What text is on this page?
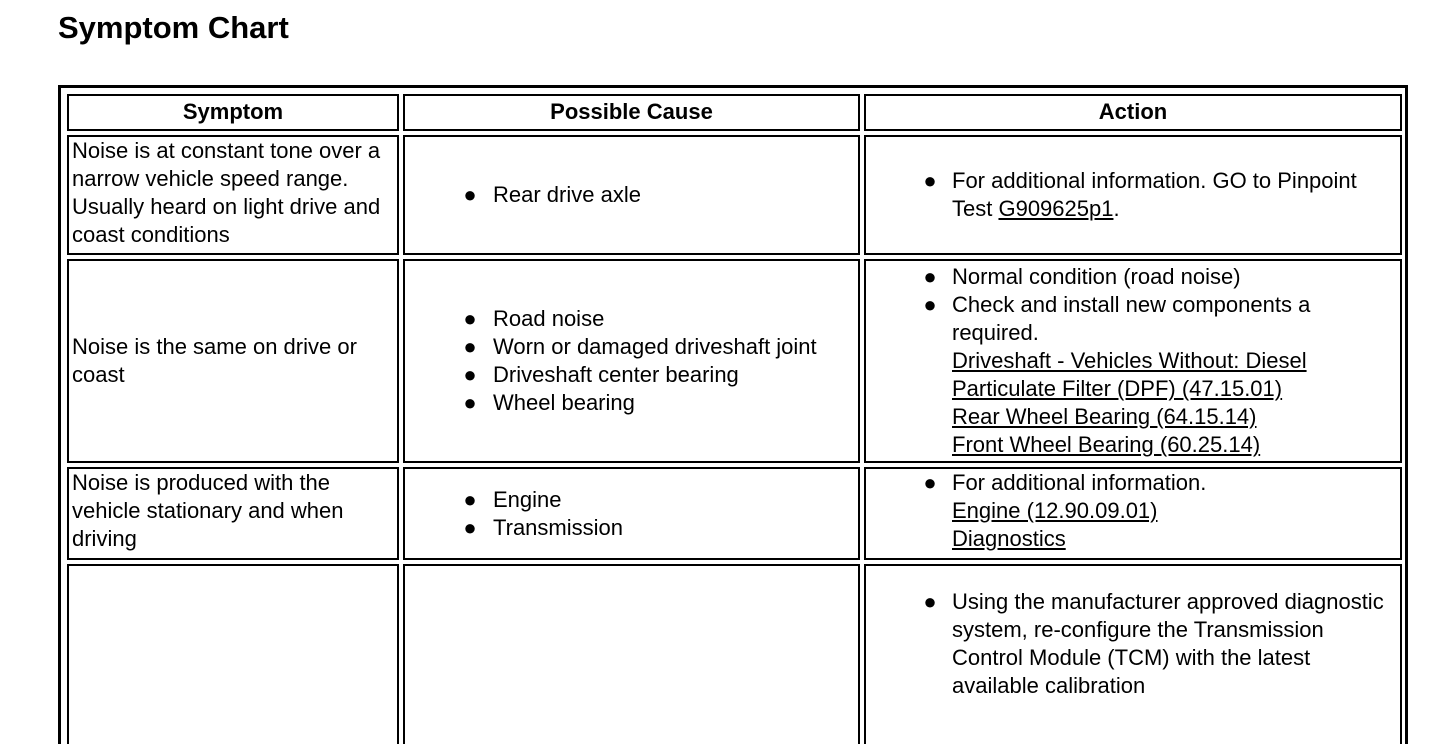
Symptom Chart
Symptom	Possible Cause	Action
Noise is at constant tone over a narrow vehicle speed range. Usually heard on light drive and coast conditions
● Rear drive axle
● For additional information. GO to Pinpoint Test G909625p1.
Noise is the same on drive or coast
● Road noise
● Worn or damaged driveshaft joint
● Driveshaft center bearing
● Wheel bearing
● Normal condition (road noise)
● Check and install new components a required.
Driveshaft - Vehicles Without: Diesel Particulate Filter (DPF) (47.15.01)
Rear Wheel Bearing (64.15.14)
Front Wheel Bearing (60.25.14)
Noise is produced with the vehicle stationary and when driving
● Engine
● Transmission
● For additional information.
Engine (12.90.09.01)
Diagnostics
● Using the manufacturer approved diagnostic system, re-configure the Transmission Control Module (TCM) with the latest available calibration
